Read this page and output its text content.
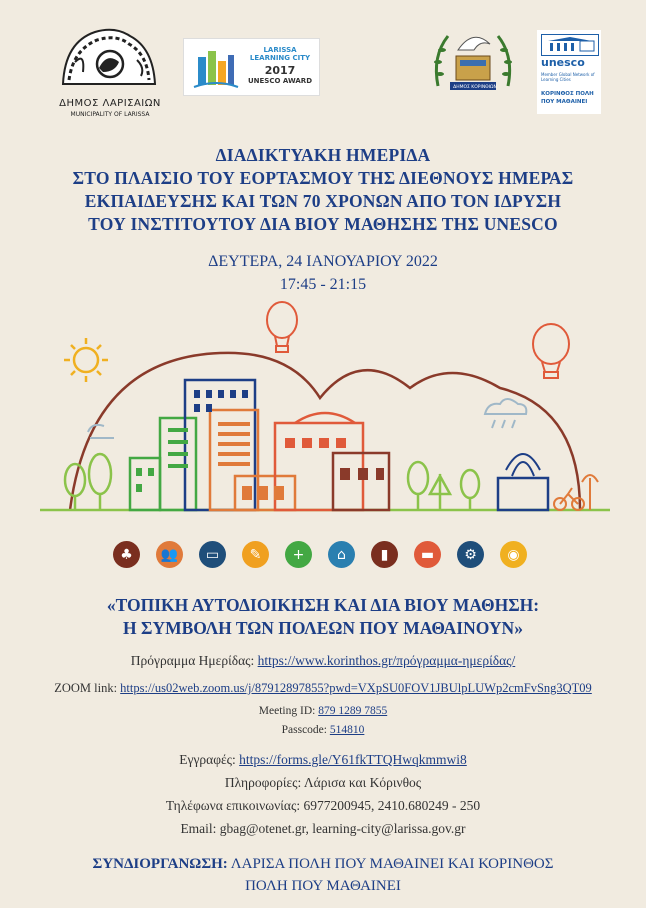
ΔΗΜΟΣ ΛΑΡΙΣΑΙΩΝ
MUNICIPALITY OF LARISSA
LARISSA
LEARNING CITY
2017
UNESCO AWARD
ΔΗΜΟΣ ΚΟΡΙΝΘΙΩΝ
unesco
Member Global Network of Learning Cities
ΚΟΡΙΝΘΟΣ ΠΟΛΗ
ΠΟΥ ΜΑΘΑΙΝΕΙ
ΔΙΑΔΙΚΤΥΑΚΗ ΗΜΕΡΙΔΑ
ΣΤΟ ΠΛΑΙΣΙΟ ΤΟΥ ΕΟΡΤΑΣΜΟΥ ΤΗΣ ΔΙΕΘΝΟΥΣ ΗΜΕΡΑΣ
ΕΚΠΑΙΔΕΥΣΗΣ ΚΑΙ ΤΩΝ 70 ΧΡΟΝΩΝ ΑΠΟ ΤΟΝ ΙΔΡΥΣΗ
ΤΟΥ ΙΝΣΤΙΤΟΥΤΟΥ ΔΙΑ ΒΙΟΥ ΜΑΘΗΣΗΣ ΤΗΣ UNESCO
ΔΕΥΤΕΡΑ, 24 ΙΑΝΟΥΑΡΙΟΥ 2022
17:45 - 21:15
♣	👥	▭	✎	+	⌂	▮	▬	⚙	◉
«ΤΟΠΙΚΗ ΑΥΤΟΔΙΟΙΚΗΣΗ ΚΑΙ ΔΙΑ ΒΙΟΥ ΜΑΘΗΣΗ:
Η ΣΥΜΒΟΛΗ ΤΩΝ ΠΟΛΕΩΝ ΠΟΥ ΜΑΘΑΙΝΟΥΝ»
Πρόγραμμα Ημερίδας: https://www.korinthos.gr/πρόγραμμα-ημερίδας/
ZOOM link: https://us02web.zoom.us/j/87912897855?pwd=VXpSU0FOV1JBUlpLUWp2cmFvSng3QT09
Meeting ID: 879 1289 7855
Passcode: 514810
Εγγραφές: https://forms.gle/Y61fkTTQHwqkmmwi8
Πληροφορίες: Λάρισα και Κόρινθος
Τηλέφωνα επικοινωνίας: 6977200945, 2410.680249 - 250
Email: gbag@otenet.gr, learning-city@larissa.gov.gr
ΣΥΝΔΙΟΡΓΑΝΩΣΗ: ΛΑΡΙΣΑ ΠΟΛΗ ΠΟΥ ΜΑΘΑΙΝΕΙ ΚΑΙ ΚΟΡΙΝΘΟΣ
ΠΟΛΗ ΠΟΥ ΜΑΘΑΙΝΕΙ
